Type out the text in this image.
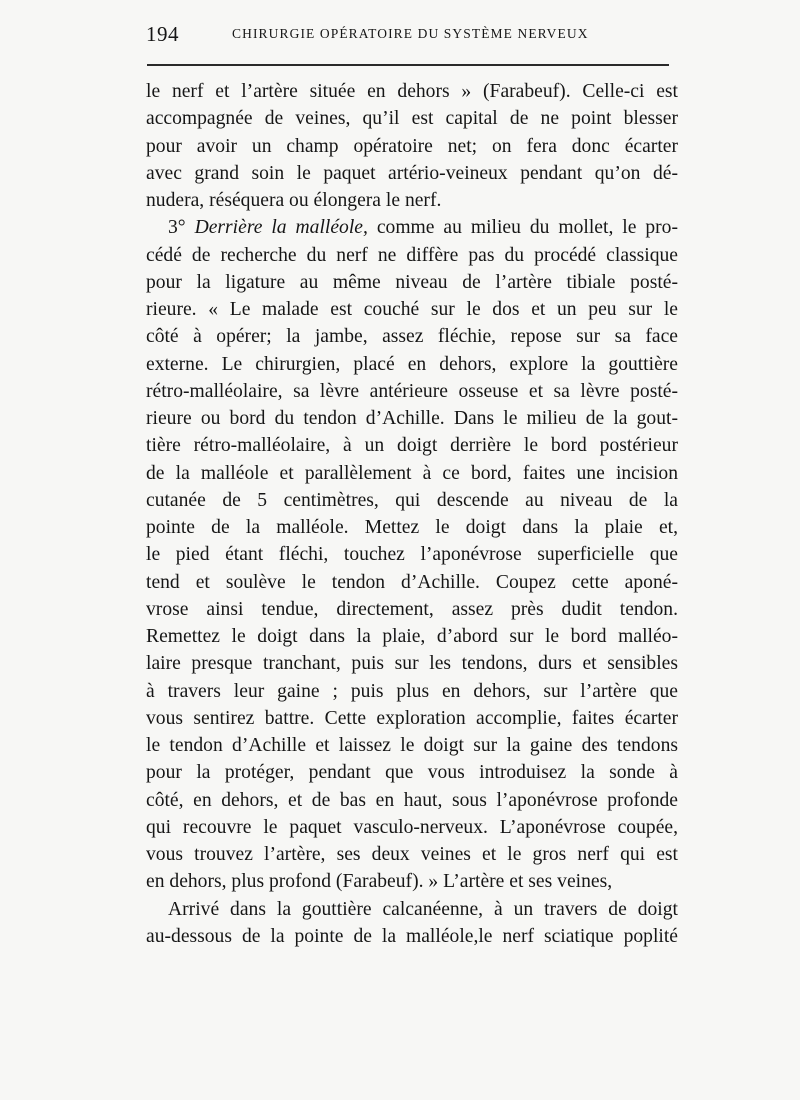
194	CHIRURGIE OPÉRATOIRE DU SYSTÈME NERVEUX
le nerf et l’artère située en dehors » (Farabeuf). Celle-ci est
accompagnée de veines, qu’il est capital de ne point blesser
pour avoir un champ opératoire net; on fera donc écarter
avec grand soin le paquet artério-veineux pendant qu’on dé-
nudera, réséquera ou élongera le nerf.
3° Derrière la malléole, comme au milieu du mollet, le pro-
cédé de recherche du nerf ne diffère pas du procédé classique
pour la ligature au même niveau de l’artère tibiale posté-
rieure. « Le malade est couché sur le dos et un peu sur le
côté à opérer; la jambe, assez fléchie, repose sur sa face
externe. Le chirurgien, placé en dehors, explore la gouttière
rétro-malléolaire, sa lèvre antérieure osseuse et sa lèvre posté-
rieure ou bord du tendon d’Achille. Dans le milieu de la gout-
tière rétro-malléolaire, à un doigt derrière le bord postérieur
de la malléole et parallèlement à ce bord, faites une incision
cutanée de 5 centimètres, qui descende au niveau de la
pointe de la malléole. Mettez le doigt dans la plaie et,
le pied étant fléchi, touchez l’aponévrose superficielle que
tend et soulève le tendon d’Achille. Coupez cette aponé-
vrose ainsi tendue, directement, assez près dudit tendon.
Remettez le doigt dans la plaie, d’abord sur le bord malléo-
laire presque tranchant, puis sur les tendons, durs et sensibles
à travers leur gaine ; puis plus en dehors, sur l’artère que
vous sentirez battre. Cette exploration accomplie, faites écarter
le tendon d’Achille et laissez le doigt sur la gaine des tendons
pour la protéger, pendant que vous introduisez la sonde à
côté, en dehors, et de bas en haut, sous l’aponévrose profonde
qui recouvre le paquet vasculo-nerveux. L’aponévrose coupée,
vous trouvez l’artère, ses deux veines et le gros nerf qui est
en dehors, plus profond (Farabeuf). » L’artère et ses veines,
Arrivé dans la gouttière calcanéenne, à un travers de doigt
au-dessous de la pointe de la malléole,le nerf sciatique poplité
